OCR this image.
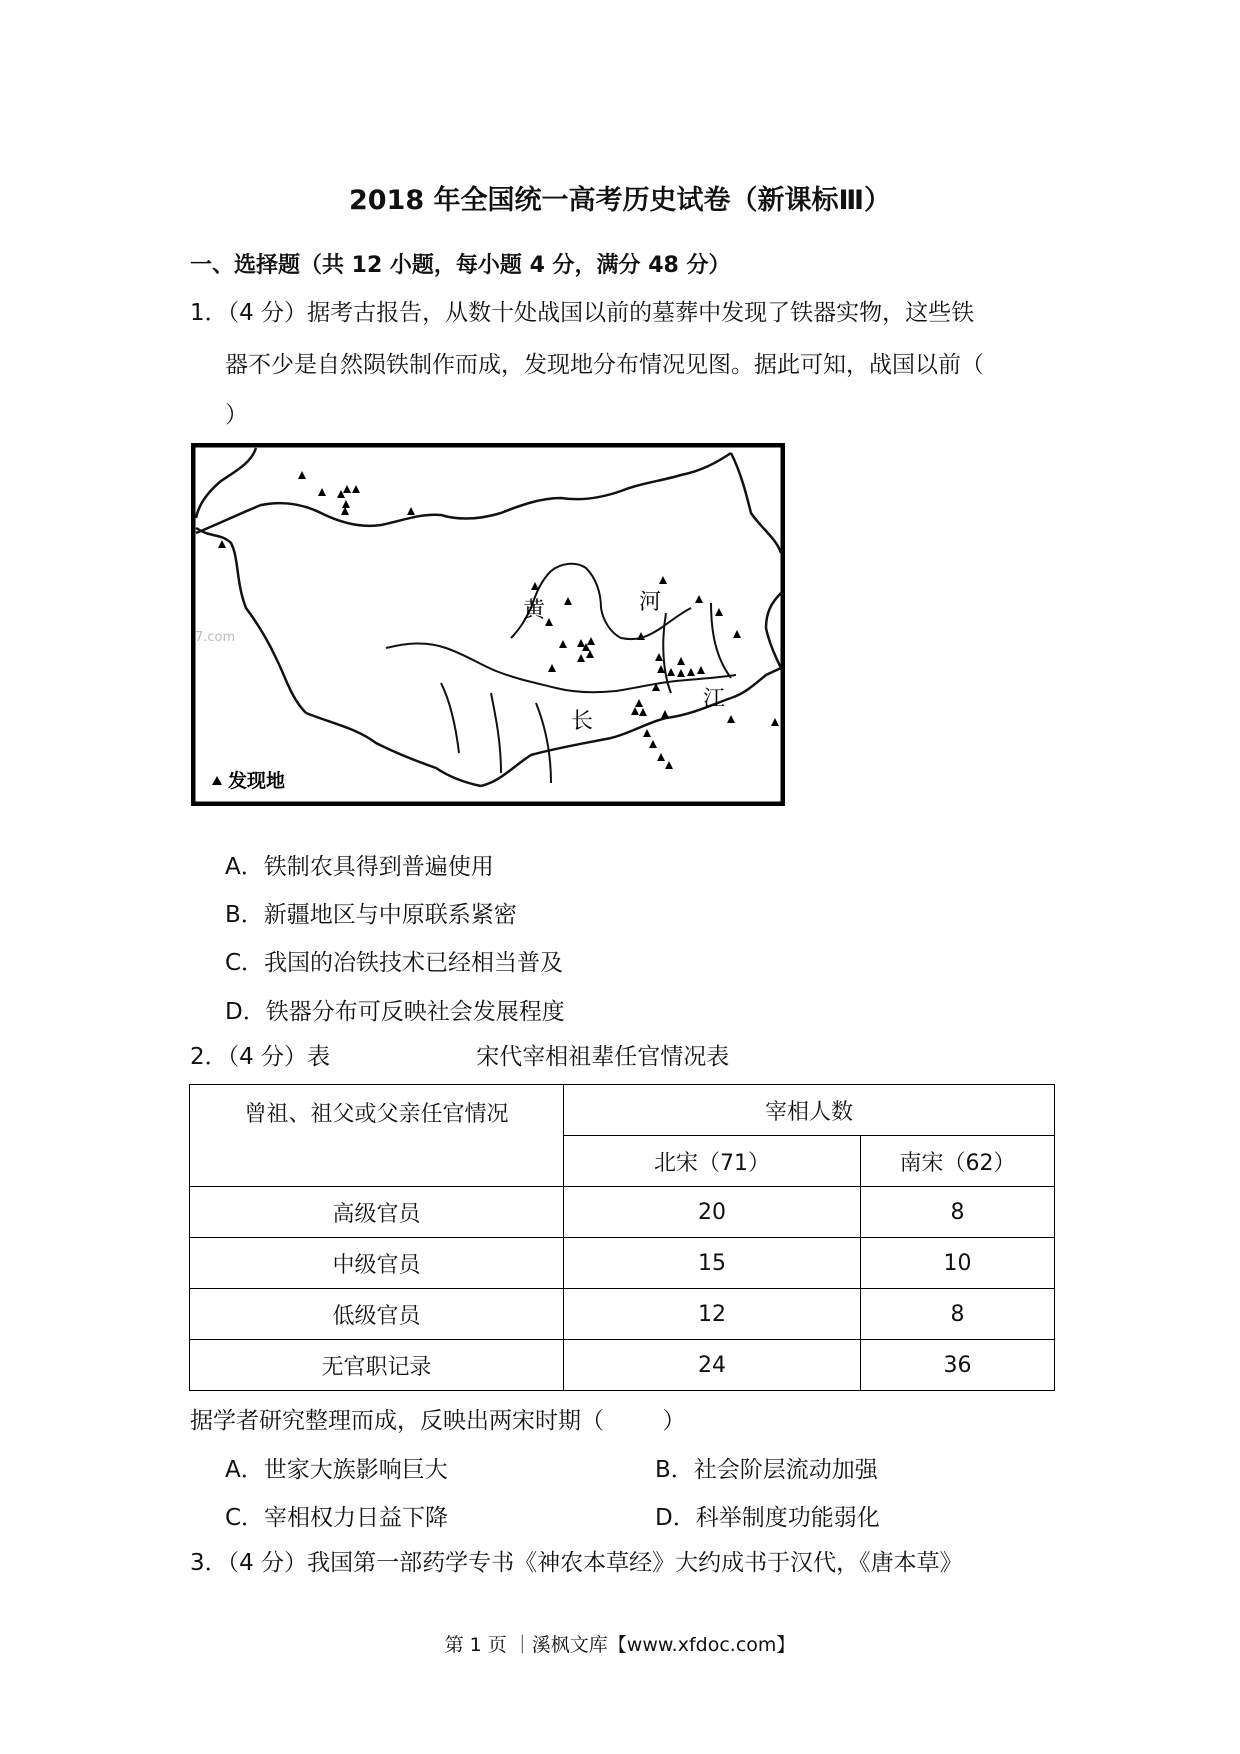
2018 年全国统一高考历史试卷（新课标Ⅲ）
一、选择题（共 12 小题，每小题 4 分，满分 48 分）
1．（4 分）据考古报告，从数十处战国以前的墓葬中发现了铁器实物，这些铁
器不少是自然陨铁制作而成，发现地分布情况见图。据此可知，战国以前（
）
黄	河
长
江
7.com
发现地
A．铁制农具得到普遍使用
B．新疆地区与中原联系紧密
C．我国的冶铁技术已经相当普及
D．铁器分布可反映社会发展程度
2．（4 分）表                    宋代宰相祖辈任官情况表
曾祖、祖父或父亲任官情况	宰相人数	
	北宋（71）	南宋（62）
高级官员	20	8
中级官员	15	10
低级官员	12	8
无官职记录	24	36
据学者研究整理而成，反映出两宋时期（        ）
A．世家大族影响巨大	B．社会阶层流动加强
C．宰相权力日益下降	D．科举制度功能弱化
3．（4 分）我国第一部药学专书《神农本草经》大约成书于汉代，《唐本草》
第 1 页 ｜溪枫文库【www.xfdoc.com】
